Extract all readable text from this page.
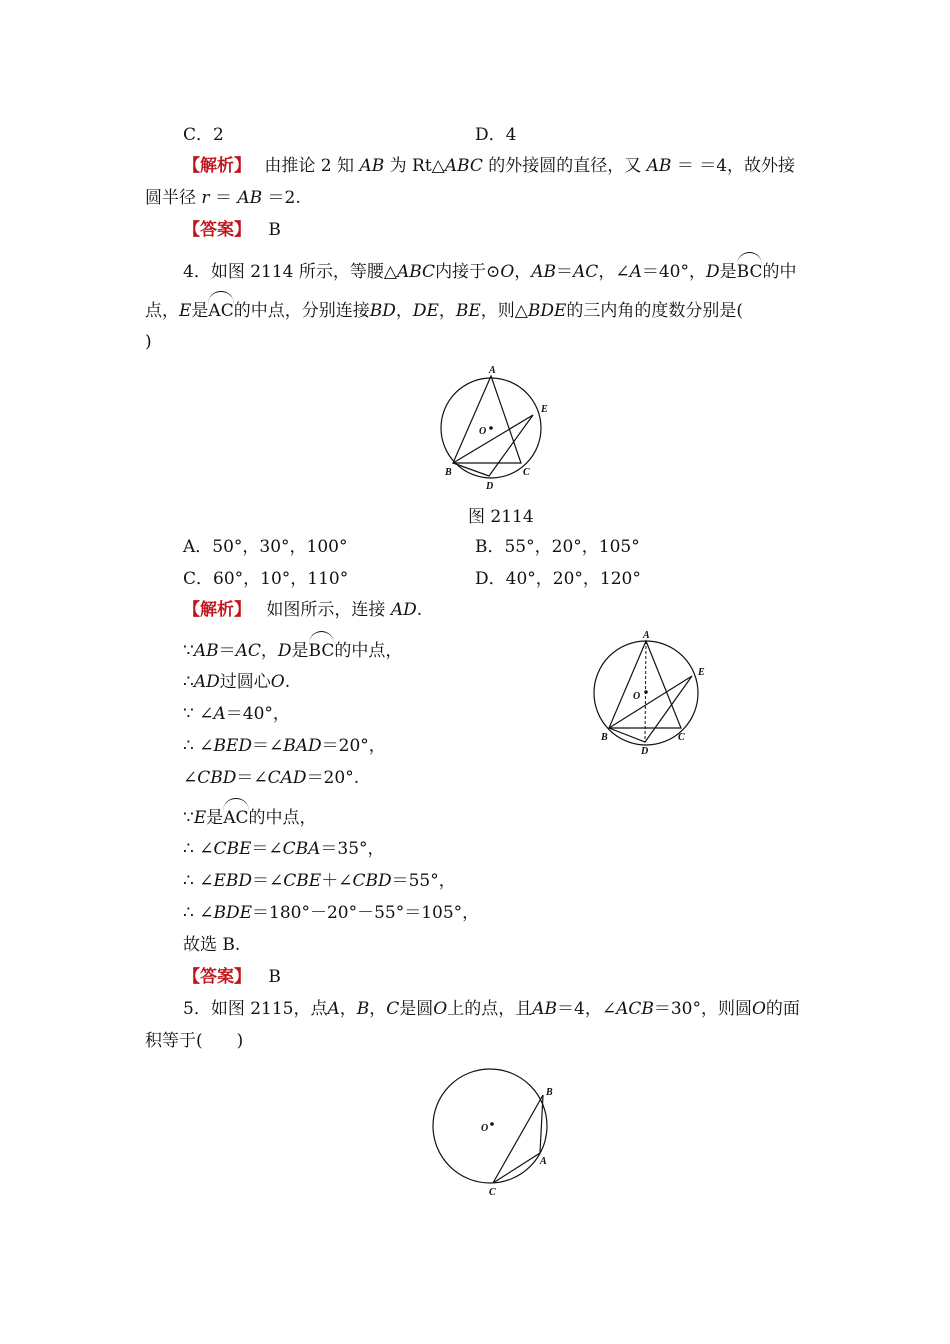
C．2	D．4
【解析】 由推论 2 知 AB 为 Rt△ABC 的外接圆的直径，又 AB ＝ ＝4，故外接
圆半径 r ＝ AB ＝2.
【答案】 B
4．如图 2114 所示，等腰△ABC内接于⊙O，AB＝AC，∠A＝40°，D是BC的中
点，E是AC的中点，分别连接BD，DE，BE，则△BDE的三内角的度数分别是(
)
A
B	C
D
E
O
图 2114
A．50°，30°，100°	B．55°，20°，105°
C．60°，10°，110°	D．40°，20°，120°
【解析】 如图所示，连接 AD.
∵AB＝AC，D是BC的中点，
∴AD过圆心O.
∵ ∠A＝40°，
∴ ∠BED＝∠BAD＝20°，
∠CBD＝∠CAD＝20°.
∵E是AC的中点，
∴ ∠CBE＝∠CBA＝35°，
∴ ∠EBD＝∠CBE＋∠CBD＝55°，
∴ ∠BDE＝180°－20°－55°＝105°，
故选 B.
A
B	C
D
E
O
【答案】 B
5．如图 2115，点A，B，C是圆O上的点，且AB＝4，∠ACB＝30°，则圆O的面
积等于(　　)
B
A
C
O
